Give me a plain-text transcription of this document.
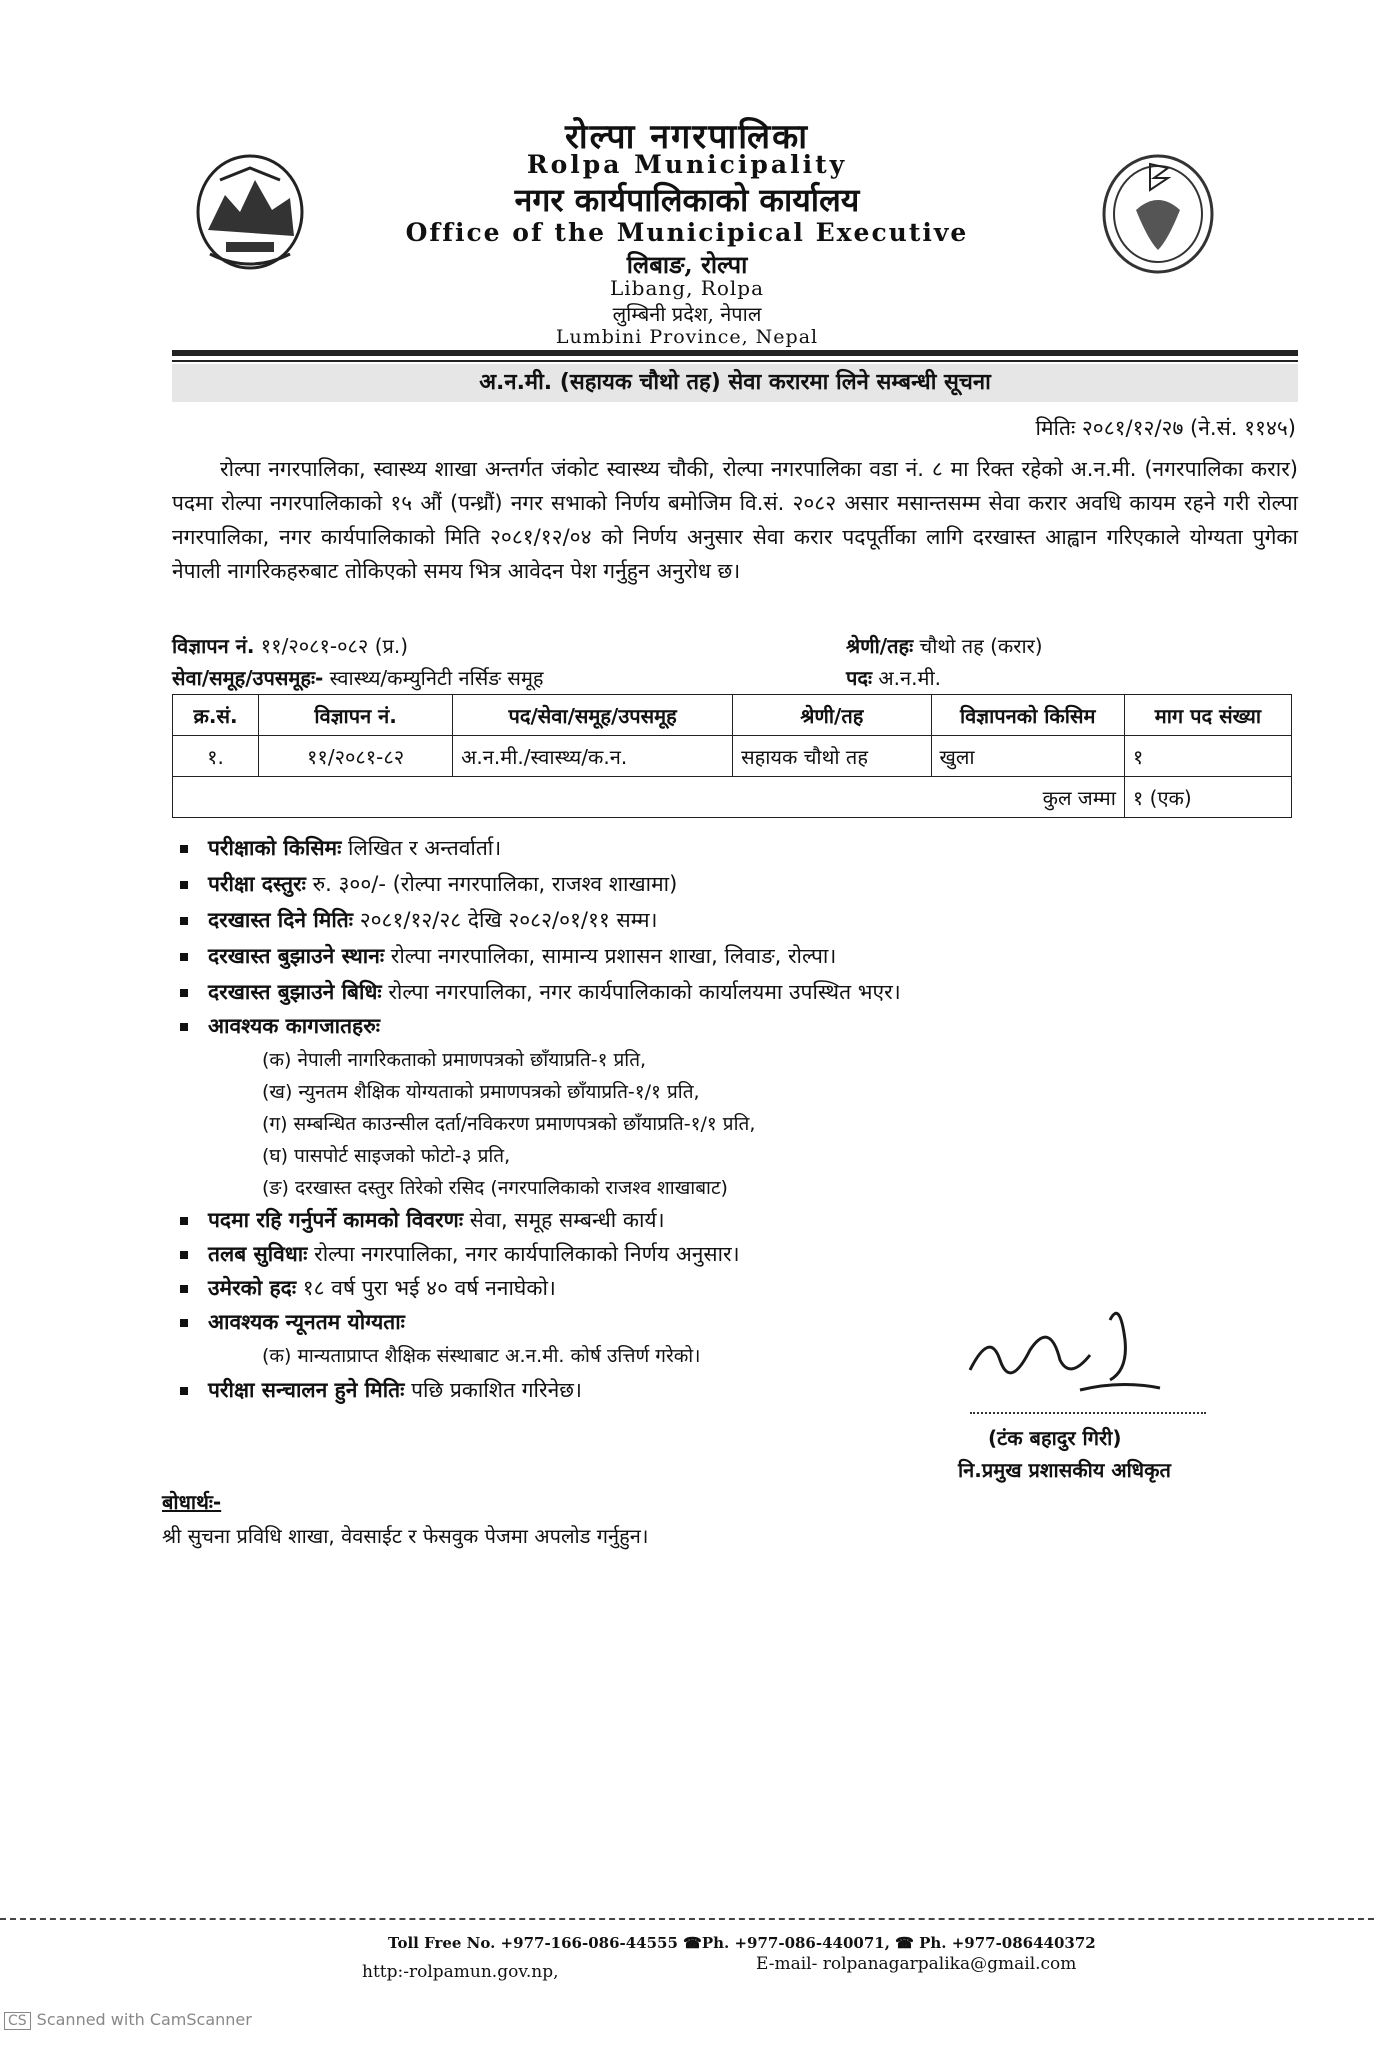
रोल्पा नगरपालिका
Rolpa Municipality
नगर कार्यपालिकाको कार्यालय
Office of the Municipical Executive
लिबाङ, रोल्पा
Libang, Rolpa
लुम्बिनी प्रदेश, नेपाल
Lumbini Province, Nepal
अ.न.मी. (सहायक चौथो तह) सेवा करारमा लिने सम्बन्धी सूचना
मितिः २०८१/१२/२७ (ने.सं. ११४५)
रोल्पा नगरपालिका, स्वास्थ्य शाखा अन्तर्गत जंकोट स्वास्थ्य चौकी, रोल्पा नगरपालिका वडा नं. ८ मा रिक्त रहेको अ.न.मी. (नगरपालिका करार) पदमा रोल्पा नगरपालिकाको १५ औं (पन्ध्रौं) नगर सभाको निर्णय बमोजिम वि.सं. २०८२ असार मसान्तसम्म सेवा करार अवधि कायम रहने गरी रोल्पा नगरपालिका, नगर कार्यपालिकाको मिति २०८१/१२/०४ को निर्णय अनुसार सेवा करार पदपूर्तीका लागि दरखास्त आह्वान गरिएकाले योग्यता पुगेका नेपाली नागरिकहरुबाट तोकिएको समय भित्र आवेदन पेश गर्नुहुन अनुरोध छ।
विज्ञापन नं. ११/२०८१-०८२ (प्र.)	श्रेणी/तहः चौथो तह (करार)
सेवा/समूह/उपसमूहः- स्वास्थ्य/कम्युनिटी नर्सिङ समूह	पदः अ.न.मी.
क्र.सं.	विज्ञापन नं.	पद/सेवा/समूह/उपसमूह	श्रेणी/तह	विज्ञापनको किसिम	माग पद संख्या
१.	११/२०८१-८२	अ.न.मी./स्वास्थ्य/क.न.	सहायक चौथो तह	खुला	१
कुल जम्मा					१ (एक)
परीक्षाको किसिमः लिखित र अन्तर्वार्ता।
परीक्षा दस्तुरः रु. ३००/- (रोल्पा नगरपालिका, राजश्व शाखामा)
दरखास्त दिने मितिः २०८१/१२/२८ देखि २०८२/०१/११ सम्म।
दरखास्त बुझाउने स्थानः रोल्पा नगरपालिका, सामान्य प्रशासन शाखा, लिवाङ, रोल्पा।
दरखास्त बुझाउने बिधिः रोल्पा नगरपालिका, नगर कार्यपालिकाको कार्यालयमा उपस्थित भएर।
आवश्यक कागजातहरुः
(क) नेपाली नागरिकताको प्रमाणपत्रको छाँयाप्रति-१ प्रति,
(ख) न्युनतम शैक्षिक योग्यताको प्रमाणपत्रको छाँयाप्रति-१/१ प्रति,
(ग) सम्बन्धित काउन्सील दर्ता/नविकरण प्रमाणपत्रको छाँयाप्रति-१/१ प्रति,
(घ) पासपोर्ट साइजको फोटो-३ प्रति,
(ङ) दरखास्त दस्तुर तिरेको रसिद (नगरपालिकाको राजश्व शाखाबाट)
पदमा रहि गर्नुपर्ने कामको विवरणः सेवा, समूह सम्बन्धी कार्य।
तलब सुविधाः रोल्पा नगरपालिका, नगर कार्यपालिकाको निर्णय अनुसार।
उमेरको हदः १८ वर्ष पुरा भई ४० वर्ष ननाघेको।
आवश्यक न्यूनतम योग्यताः
(क) मान्यताप्राप्त शैक्षिक संस्थाबाट अ.न.मी. कोर्ष उत्तिर्ण गरेको।
परीक्षा सन्चालन हुने मितिः पछि प्रकाशित गरिनेछ।
(टंक बहादुर गिरी)
नि.प्रमुख प्रशासकीय अधिकृत
बोधार्थः-
श्री सुचना प्रविधि शाखा, वेवसाईट र फेसवुक पेजमा अपलोड गर्नुहुन।
Toll Free No. +977-166-086-44555 ☎Ph. +977-086-440071, ☎ Ph. +977-086440372
http:-rolpamun.gov.np,	E-mail- rolpanagarpalika@gmail.com
CS Scanned with CamScanner
